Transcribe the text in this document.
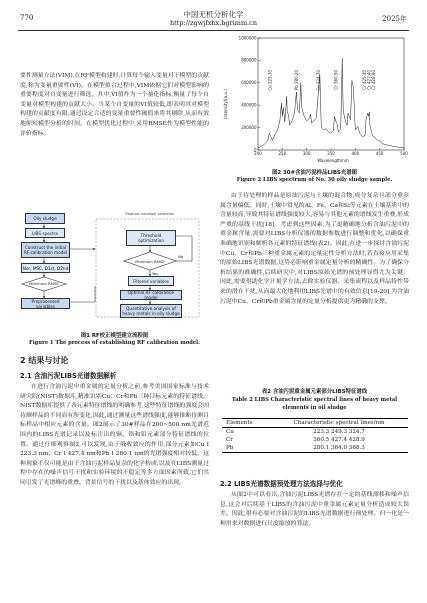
770	中国无机分析化学
http://zgwjfxhx.bgrimm.cn	2025年

要性测量方法(VIM),在RF模型构建时,计算每个输入变量对于模型的贡献度,称为变量重要性(VI)。在模型拟合过程中,VIM依据它们对模型影响的重要程度对自变量进行筛选。其中,VI值作为一个量化指标,衡量了每个自变量对模型构建的贡献大小。当某个自变量的VI值较低,即表明其对模型构建的贡献度有限,通过设定合适的变量重要性阈值来将其剔除,从而有效地缩短模型分析的时间。在模型优化过程中,采用RMSE作为模型性能的评价指标。

Oily sludge
LIBS spectra
Construct the initial RF calibration model
Nor, MSC, D1st, D2nd
Minimum RMSE
Preprocessed variables
Feature variable selection
Threshold optimization
Minimum RMSE
No
Yes
Filtered variables
Optimal RF calibration model
Quantitative analysis of heavy metals in oily sludge
图1 RF校正模型建立流程图
Figure 1 The process of establishing RF calibration model.
2 结果与讨论
2.1 含油污泥LIBS光谱数据解析

在进行含油污泥中重金属的定量分析之前,参考美国国家标准与技术研究院(NIST)数据库,精准识别Cu、Cr和Pb三种目标元素的特征谱线。NIST数据库提供了各元素特征谱线的明确参考,这些特征谱线的强度会因待测样品的不同而有所变化,因此,通过测量这些谱线强度,能够推断待测目标样品中相应元素的含量。图2展示了30#样品在200~500 nm光谱范围内的LIBS光谱记录以及标注出的铜、铬和铅元素部分特征谱线的位置。通过仔细观察图2,可以发现,由于吸收效应的作用,部分元素如Cu I 223.3 nm、Cr I 427.4 nm和Pb I 280.1 nm的光谱强度相对较低。这种现象不仅可能是由于含油污泥样品复杂的化学构成,以及在LIBS测量过程中存在的噪声信号干扰和实验环境的不稳定等多方面因素所致,它们共同引发了光谱峰的重叠、背景信号的干扰以及基体效应的出现。

200	250	300	350	400	450	500
0
200000
400000
600000
800000
1000000
Cu 223.30	Pb 280.20	Cu 324.70	Cr 360.50	Cr 425.40 Cr 427.40 Cr 428.90
Intensity/(a.u.)
Wavelength/nm
图2 30#含油污泥样品LIBS光谱图
Figure 2 LIBS spectrum of No. 30 oily sludge sample.

由于待处理的样品是原油污泥与土壤的混合物,成分复杂且部分重金属含量偏低。同时,土壤中常见的Al、Fe、Ca和Si等元素在土壤基质中的含量较高,导致其特征谱线强度较大,容易与其他元素的谱线发生重叠,形成严重的基线干扰[18]。考虑到这些因素,为了更精确地分析含油污泥中的重金属含量,需要对LIBS分析仪器的数据参数进行调整和优化,以确保重准确地识别和解析各元素的特征谱线(表2)。因此,在进一步探讨含油污泥中Cu、Cr和Pb三种重金属元素的定量定性分析方法时,若直接应用采集的原始LIBS光谱数据,这势必影响重金属定量分析的精确性。为了确保分析结果的准确性,后续研究中,对LIBS原始光谱的预处理显得尤为关键。因此,需要借助化学计量学方法,去除实验仪器、采集流程以及样品特性带来的潜在干扰,从而最大化地利用LIBS光谱中的有效信息[19-20],为含油污泥中Cu、Cr和Pb重金属含量的定量分析提供更为精确的支撑。

表2 含油污泥重金属元素部分LIBS特征谱线
Table 2 LIBS Characteristic spectral lines of heavy metal elements in oil sludge
Elements	Characteristic spectral lines/nm
Cu	223.3 249.3 324.7
Cr	360.5 427.4 428.9
Pb	280.1 364.0 368.3
2.2 LIBS光谱数据预处理方法选择与优化

从图2中可以看出,含油污泥LIBS光谱存在一定的基线漂移和噪声信息,这会对后续基于LIBS的含油污泥中重金属元素定量分析造成较大误差。因此,很有必要对含油污泥的LIBS光谱数据进行预处理。归一化是一种用来对数据进行尺度缩放的算法,
